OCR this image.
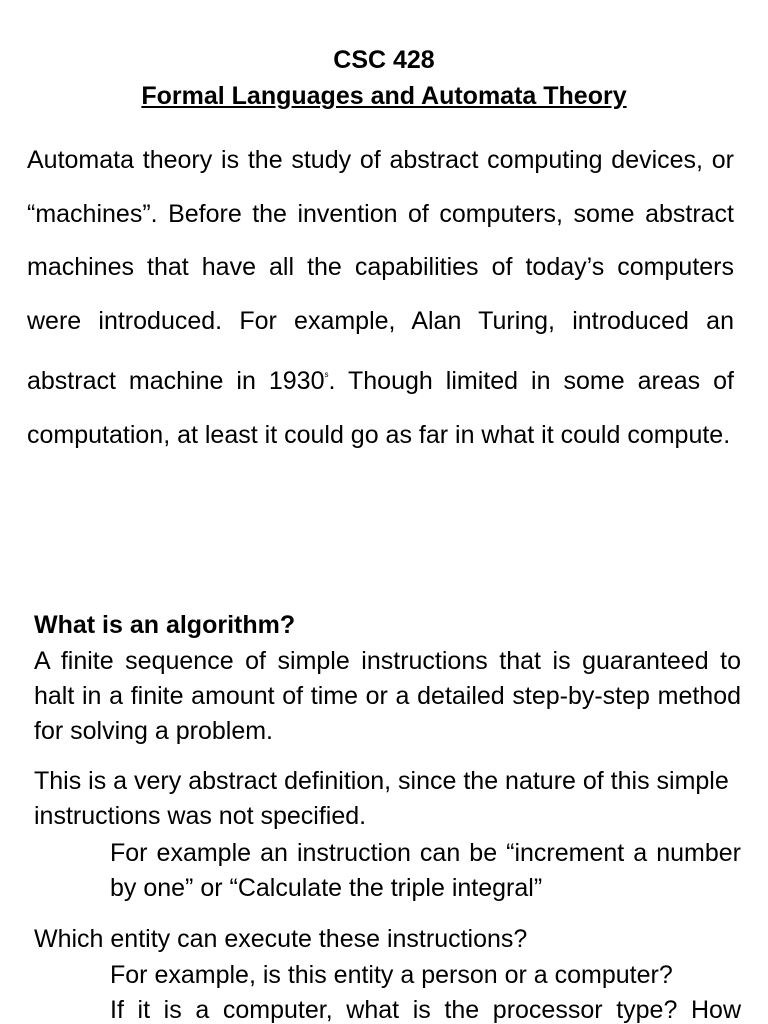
CSC 428
Formal Languages and Automata Theory

Automata theory is the study of abstract computing devices, or “machines”. Before the invention of computers, some abstract machines that have all the capabilities of today’s computers were introduced. For example, Alan Turing, introduced an abstract machine in 1930$^s$. Though limited in some areas of computation, at least it could go as far in what it could compute.

What is an algorithm?

A finite sequence of simple instructions that is guaranteed to halt in a finite amount of time or a detailed step-by-step method for solving a problem.

This is a very abstract definition, since the nature of this simple instructions was not specified.

For example an instruction can be “increment a number by one” or “Calculate the triple integral”

Which entity can execute these instructions?

For example, is this entity a person or a computer?
If it is a computer, what is the processor type? How
